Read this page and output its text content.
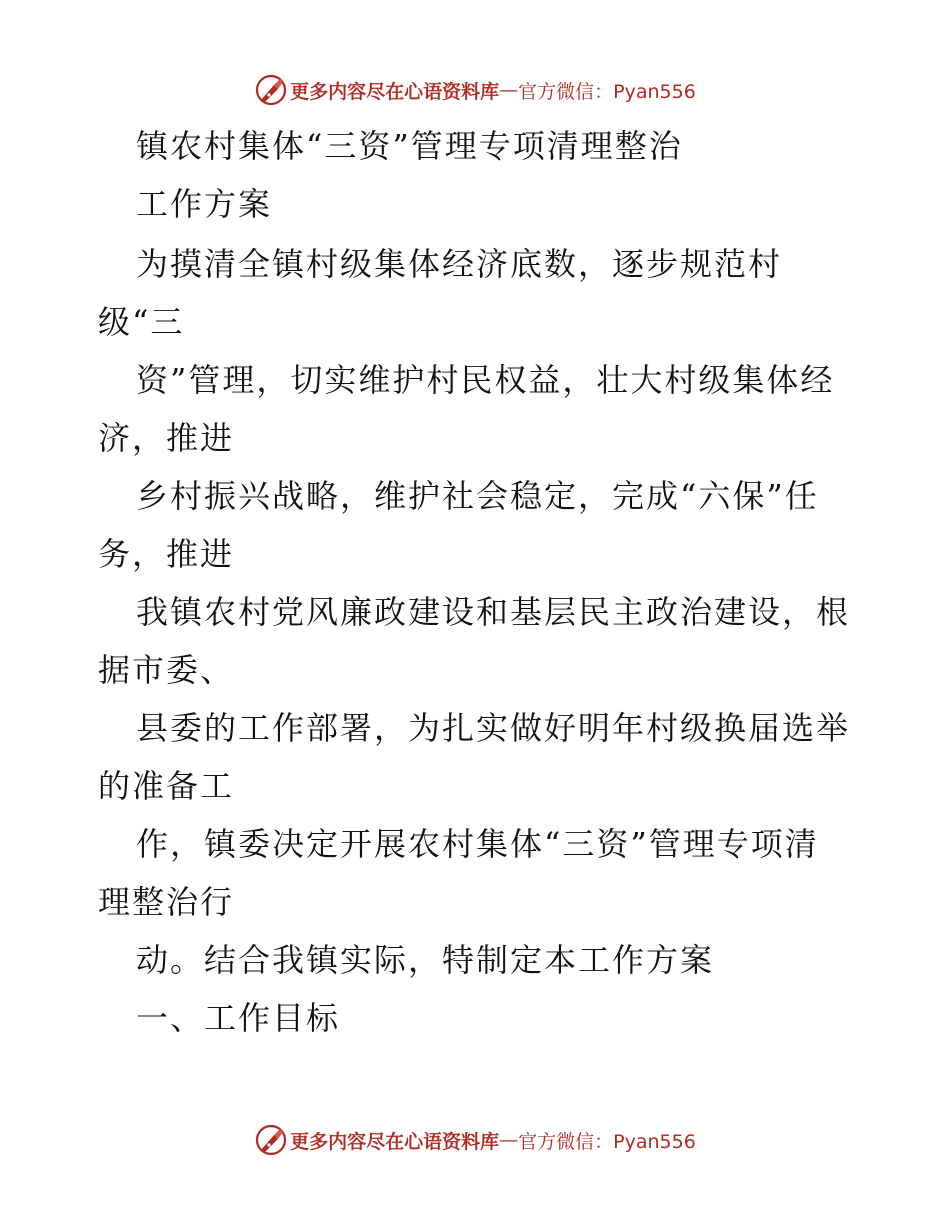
更多内容尽在心语资料库 — 官方微信：Pyan556
镇农村集体“三资”管理专项清理整治
工作方案
为摸清全镇村级集体经济底数，逐步规范村
级“三
资”管理，切实维护村民权益，壮大村级集体经
济，推进
乡村振兴战略，维护社会稳定，完成“六保”任
务，推进
我镇农村党风廉政建设和基层民主政治建设，根
据市委、
县委的工作部署，为扎实做好明年村级换届选举
的准备工
作，镇委决定开展农村集体“三资”管理专项清
理整治行
动。结合我镇实际，特制定本工作方案
一、工作目标
更多内容尽在心语资料库 — 官方微信：Pyan556
